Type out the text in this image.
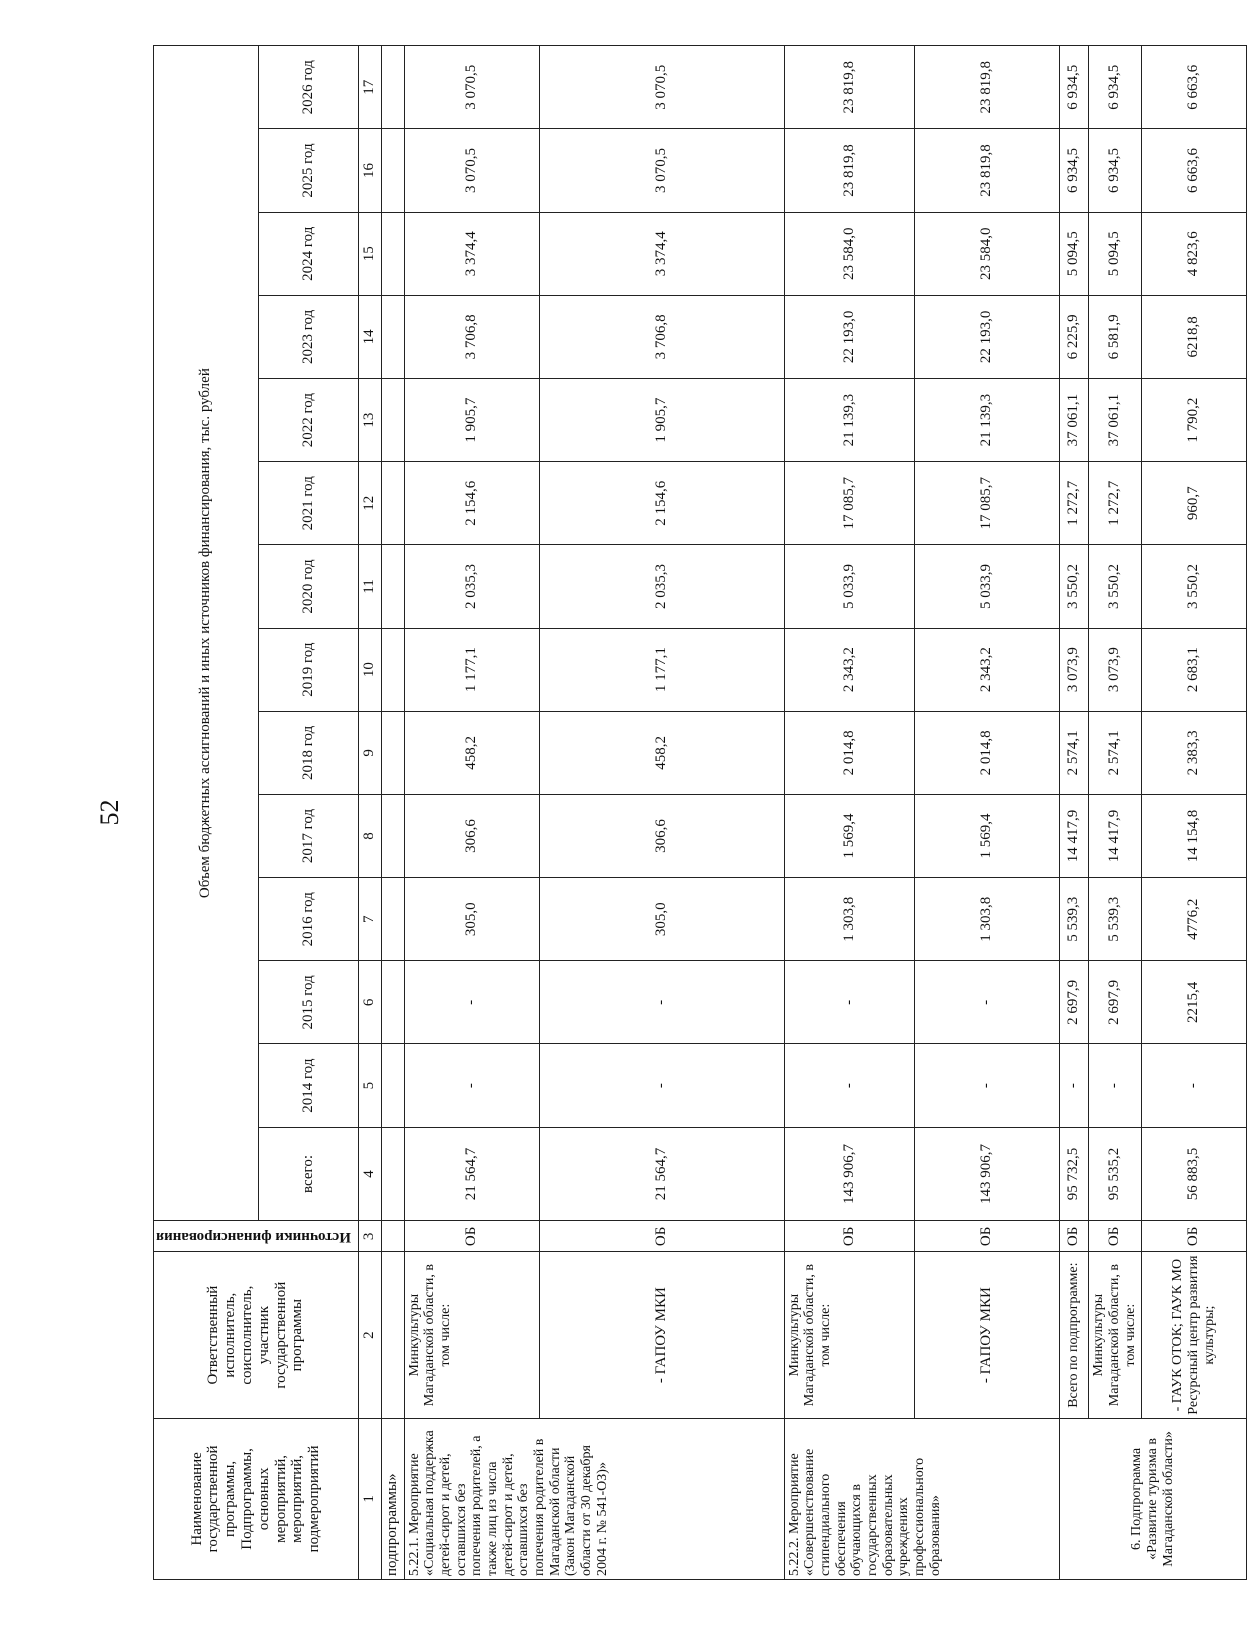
52
Наименование государственной программы, Подпрограммы, основных мероприятий, мероприятий, подмероприятий	Ответственный исполнитель, соисполнитель, участник государственной программы	Источники финансирования	Объем бюджетных ассигнований и иных источников финансирования, тыс. рублей													
			всего:	2014 год	2015 год	2016 год	2017 год	2018 год	2019 год	2020 год	2021 год	2022 год	2023 год	2024 год	2025 год	2026 год
1	2	3	4	5	6	7	8	9	10	11	12	13	14	15	16	17
подпрограммы»																
5.22.1. Мероприятие «Социальная поддержка детей-сирот и детей, оставшихся без попечения родителей, а также лиц из числа детей-сирот и детей, оставшихся без попечения родителей в Магаданской области (Закон Магаданской области от 30 декабря 2004 г. № 541-ОЗ)»	Минкультуры Магаданской области, в том числе:	ОБ	21 564,7	-	-	305,0	306,6	458,2	1 177,1	2 035,3	2 154,6	1 905,7	3 706,8	3 374,4	3 070,5	3 070,5
	- ГАПОУ МКИ	ОБ	21 564,7	-	-	305,0	306,6	458,2	1 177,1	2 035,3	2 154,6	1 905,7	3 706,8	3 374,4	3 070,5	3 070,5
5.22.2. Мероприятие «Совершенствование стипендиального обеспечения обучающихся в государственных образовательных учреждениях профессионального образования»	Минкультуры Магаданской области, в том числе:	ОБ	143 906,7	-	-	1 303,8	1 569,4	2 014,8	2 343,2	5 033,9	17 085,7	21 139,3	22 193,0	23 584,0	23 819,8	23 819,8
	- ГАПОУ МКИ	ОБ	143 906,7	-	-	1 303,8	1 569,4	2 014,8	2 343,2	5 033,9	17 085,7	21 139,3	22 193,0	23 584,0	23 819,8	23 819,8
6. Подпрограмма «Развитие туризма в Магаданской области»	Всего по подпрограмме:	ОБ	95 732,5	-	2 697,9	5 539,3	14 417,9	2 574,1	3 073,9	3 550,2	1 272,7	37 061,1	6 225,9	5 094,5	6 934,5	6 934,5
	Минкультуры Магаданской области, в том числе:	ОБ	95 535,2	-	2 697,9	5 539,3	14 417,9	2 574,1	3 073,9	3 550,2	1 272,7	37 061,1	6 581,9	5 094,5	6 934,5	6 934,5
	- ГАУК ОТОК; ГАУК МО Ресурсный центр развития культуры;	ОБ	56 883,5	-	2215,4	4776,2	14 154,8	2 383,3	2 683,1	3 550,2	960,7	1 790,2	6218,8	4 823,6	6 663,6	6 663,6
